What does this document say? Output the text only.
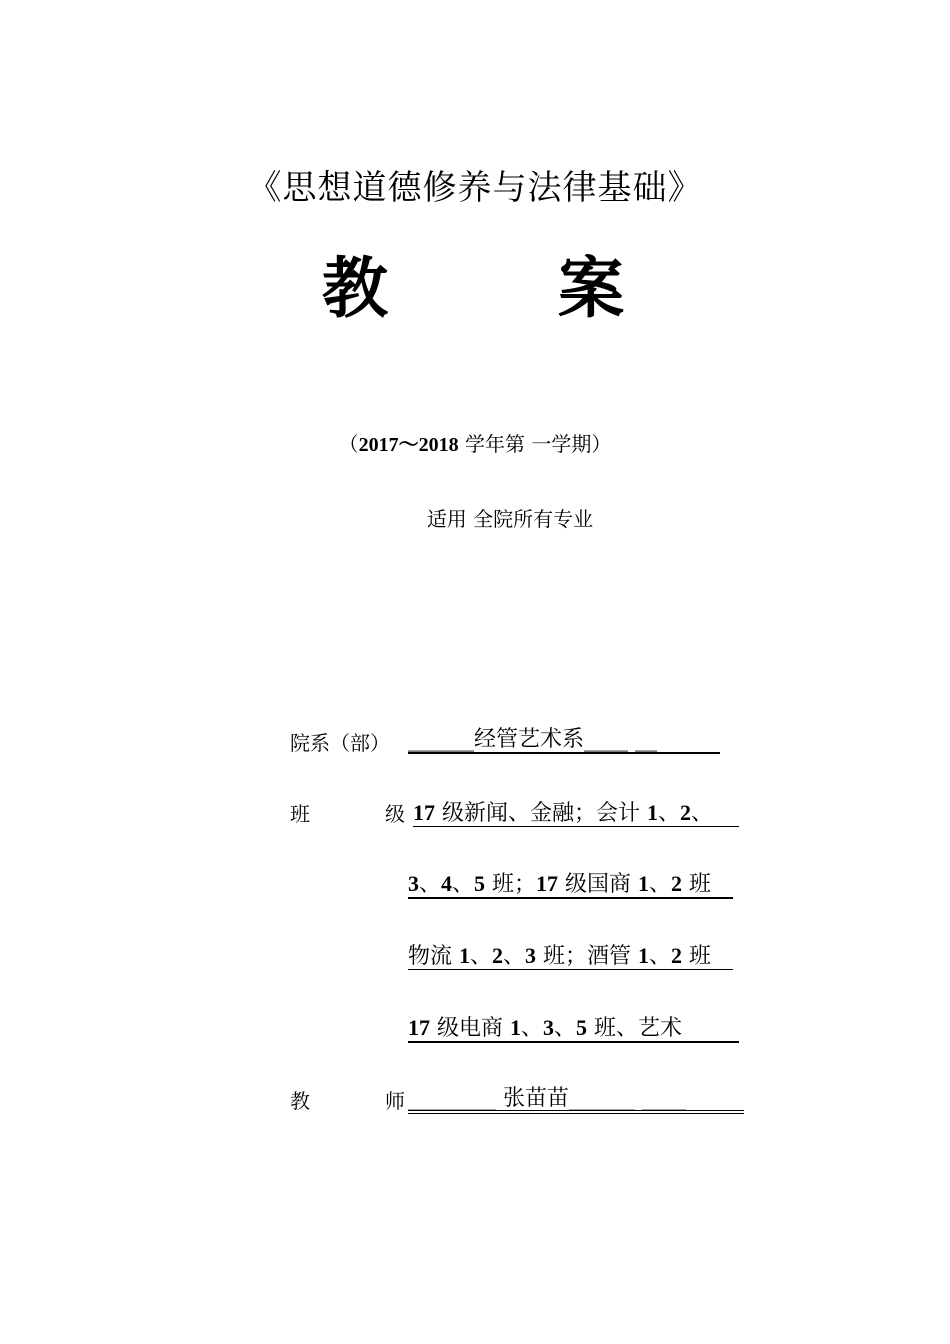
《思想道德修养与法律基础》
教	案
（2017～2018 学年第 一学期）
适用 全院所有专业
院系（部） ______经管艺术系____ __
班	级 17 级新闻、金融；会计 1、2、
3、4、5 班；17 级国商 1、2 班
物流 1、2、3 班；酒管 1、2 班
17 级电商 1、3、5 班、艺术
教	师 ________ 张苗苗______ ____
